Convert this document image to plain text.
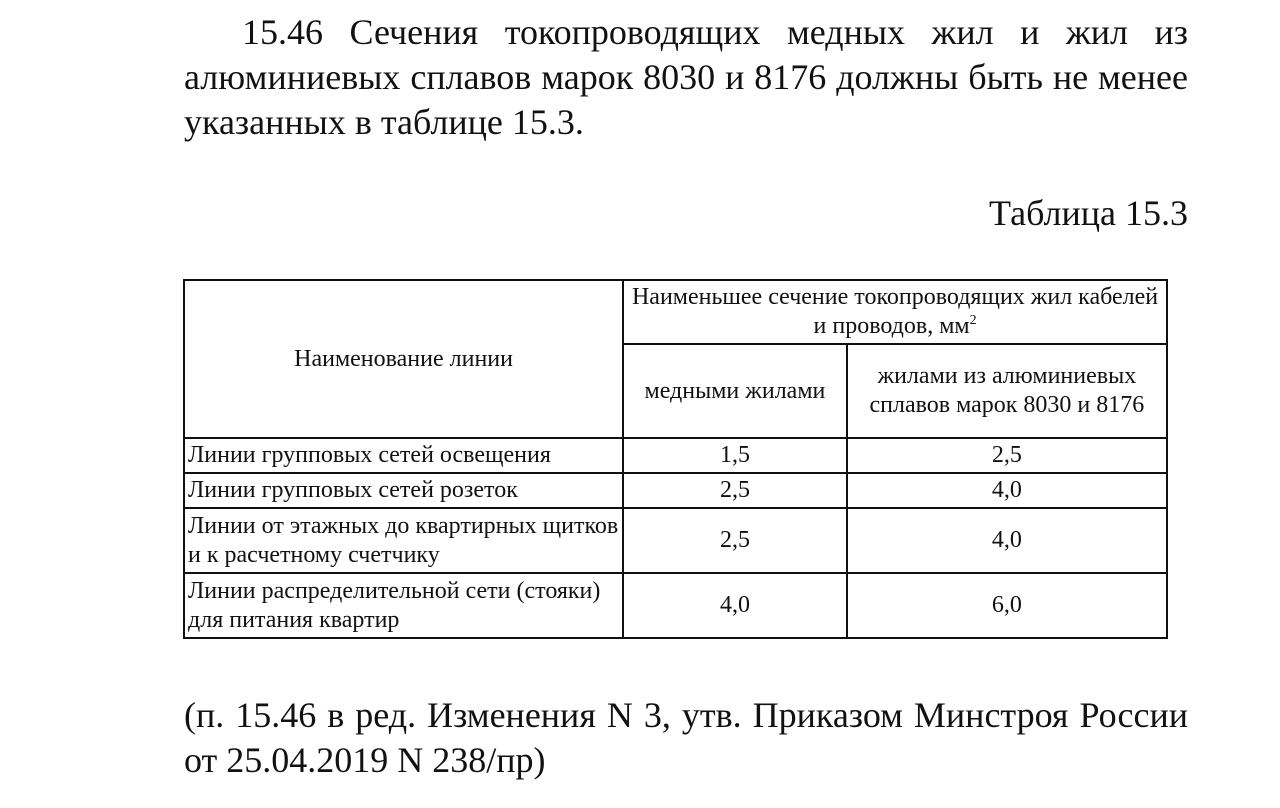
15.46 Сечения токопроводящих медных жил и жил из алюминиевых сплавов марок 8030 и 8176 должны быть не менее указанных в таблице 15.3.

Таблица 15.3

Наименование линии	Наименьшее сечение токопроводящих жил кабелей и проводов, $мм^2$
	медными жилами	жилами из алюминиевых сплавов марок 8030 и 8176
Линии групповых сетей освещения	1,5	2,5
Линии групповых сетей розеток	2,5	4,0
Линии от этажных до квартирных щитков и к расчетному счетчику	2,5	4,0
Линии распределительной сети (стояки) для питания квартир	4,0	6,0

(п. 15.46 в ред. Изменения N 3, утв. Приказом Минстроя России от 25.04.2019 N 238/пр)
